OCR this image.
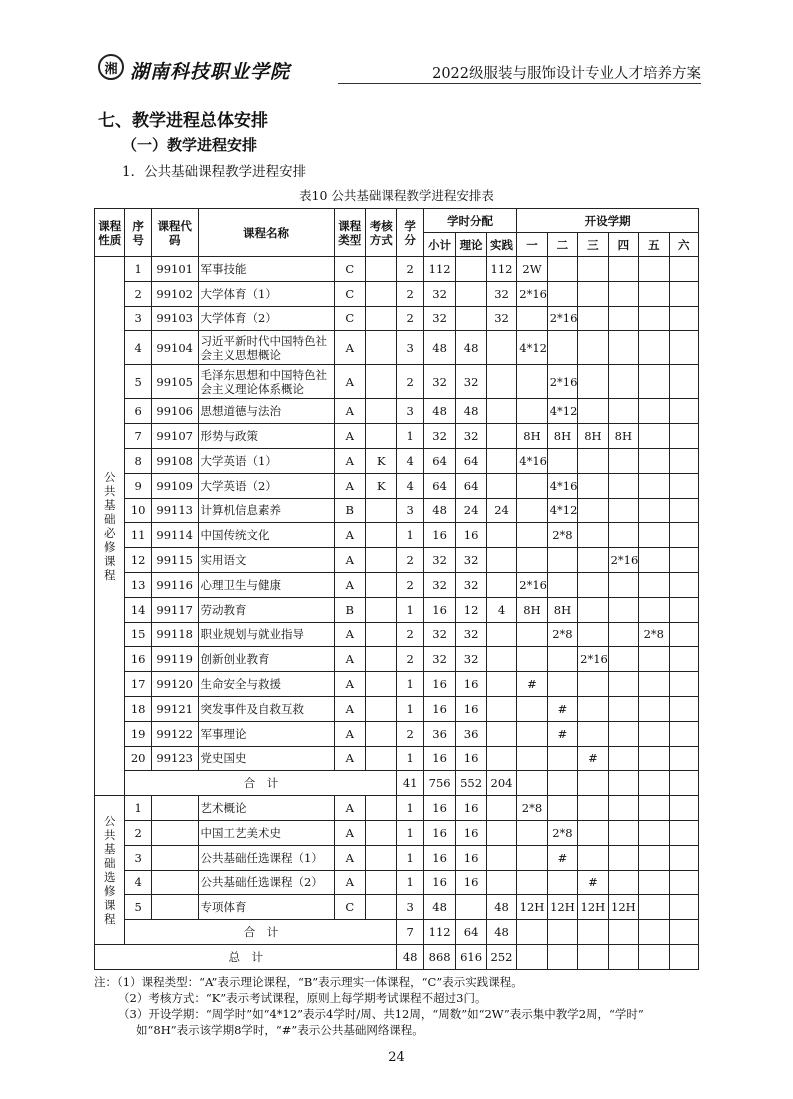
湘 湖南科技职业学院	2022级服装与服饰设计专业人才培养方案
七、教学进程总体安排
（一）教学进程安排
1．公共基础课程教学进程安排
表10 公共基础课程教学进程安排表
课程性质	序号	课程代码	课程名称	课程类型	考核方式	学分	学时分配			开设学期					
							小计	理论	实践	一	二	三	四	五	六
公共基础必修课程	1	99101	军事技能	C		2	112		112	2W					
	2	99102	大学体育（1）	C		2	32		32	2*16					
	3	99103	大学体育（2）	C		2	32		32		2*16				
	4	99104	习近平新时代中国特色社会主义思想概论	A		3	48	48		4*12					
	5	99105	毛泽东思想和中国特色社会主义理论体系概论	A		2	32	32			2*16				
	6	99106	思想道德与法治	A		3	48	48			4*12				
	7	99107	形势与政策	A		1	32	32		8H	8H	8H	8H		
	8	99108	大学英语（1）	A	K	4	64	64		4*16					
	9	99109	大学英语（2）	A	K	4	64	64			4*16				
	10	99113	计算机信息素养	B		3	48	24	24		4*12				
	11	99114	中国传统文化	A		1	16	16			2*8				
	12	99115	实用语文	A		2	32	32					2*16		
	13	99116	心理卫生与健康	A		2	32	32		2*16					
	14	99117	劳动教育	B		1	16	12	4	8H	8H				
	15	99118	职业规划与就业指导	A		2	32	32			2*8			2*8	
	16	99119	创新创业教育	A		2	32	32				2*16			
	17	99120	生命安全与救援	A		1	16	16		#					
	18	99121	突发事件及自救互救	A		1	16	16			#				
	19	99122	军事理论	A		2	36	36			#				
	20	99123	党史国史	A		1	16	16				#			
	合　计					41	756	552	204						
公共基础选修课程	1		艺术概论	A		1	16	16		2*8					
	2		中国工艺美术史	A		1	16	16			2*8				
	3		公共基础任选课程（1）	A		1	16	16			#				
	4		公共基础任选课程（2）	A		1	16	16				#			
	5		专项体育	C		3	48		48	12H	12H	12H	12H		
	合　计					7	112	64	48						
总　计						48	868	616	252						
注：（1）课程类型：“A”表示理论课程，“B”表示理实一体课程，“C”表示实践课程。
（2）考核方式：“K”表示考试课程，原则上每学期考试课程不超过3门。
（3）开设学期：“周学时”如“4*12”表示4学时/周、共12周，“周数”如“2W”表示集中教学2周，“学时”
如“8H”表示该学期8学时，“#”表示公共基础网络课程。
24
